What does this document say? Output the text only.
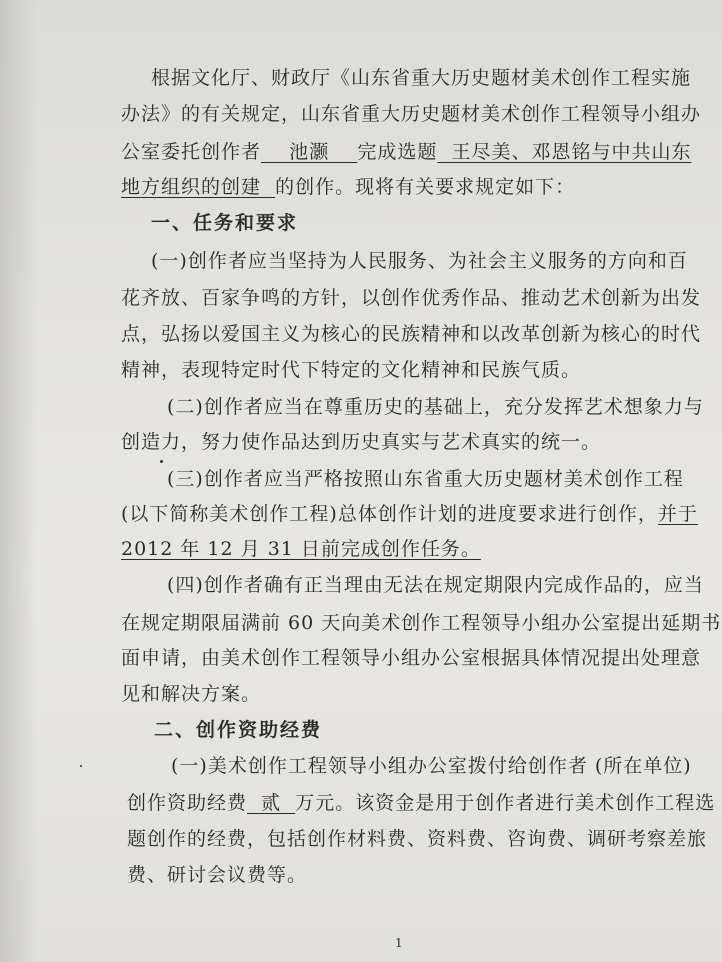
根据文化厅、财政厅《山东省重大历史题材美术创作工程实施
办法》的有关规定，山东省重大历史题材美术创作工程领导小组办
公室委托创作者    池灏    完成选题  王尽美、邓恩铭与中共山东
地方组织的创建 的创作。现将有关要求规定如下：
一、任务和要求
(一)创作者应当坚持为人民服务、为社会主义服务的方向和百
花齐放、百家争鸣的方针，以创作优秀作品、推动艺术创新为出发
点，弘扬以爱国主义为核心的民族精神和以改革创新为核心的时代
精神，表现特定时代下特定的文化精神和民族气质。
(二)创作者应当在尊重历史的基础上，充分发挥艺术想象力与
创造力，努力使作品达到历史真实与艺术真实的统一。
(三)创作者应当严格按照山东省重大历史题材美术创作工程
(以下简称美术创作工程)总体创作计划的进度要求进行创作，并于
2012 年 12 月 31 日前完成创作任务。
(四)创作者确有正当理由无法在规定期限内完成作品的，应当
在规定期限届满前 60 天向美术创作工程领导小组办公室提出延期书
面申请，由美术创作工程领导小组办公室根据具体情况提出处理意
见和解决方案。
二、创作资助经费
(一)美术创作工程领导小组办公室拨付给创作者 (所在单位)
创作资助经费  贰  万元。该资金是用于创作者进行美术创作工程选
题创作的经费，包括创作材料费、资料费、咨询费、调研考察差旅
费、研讨会议费等。
1
